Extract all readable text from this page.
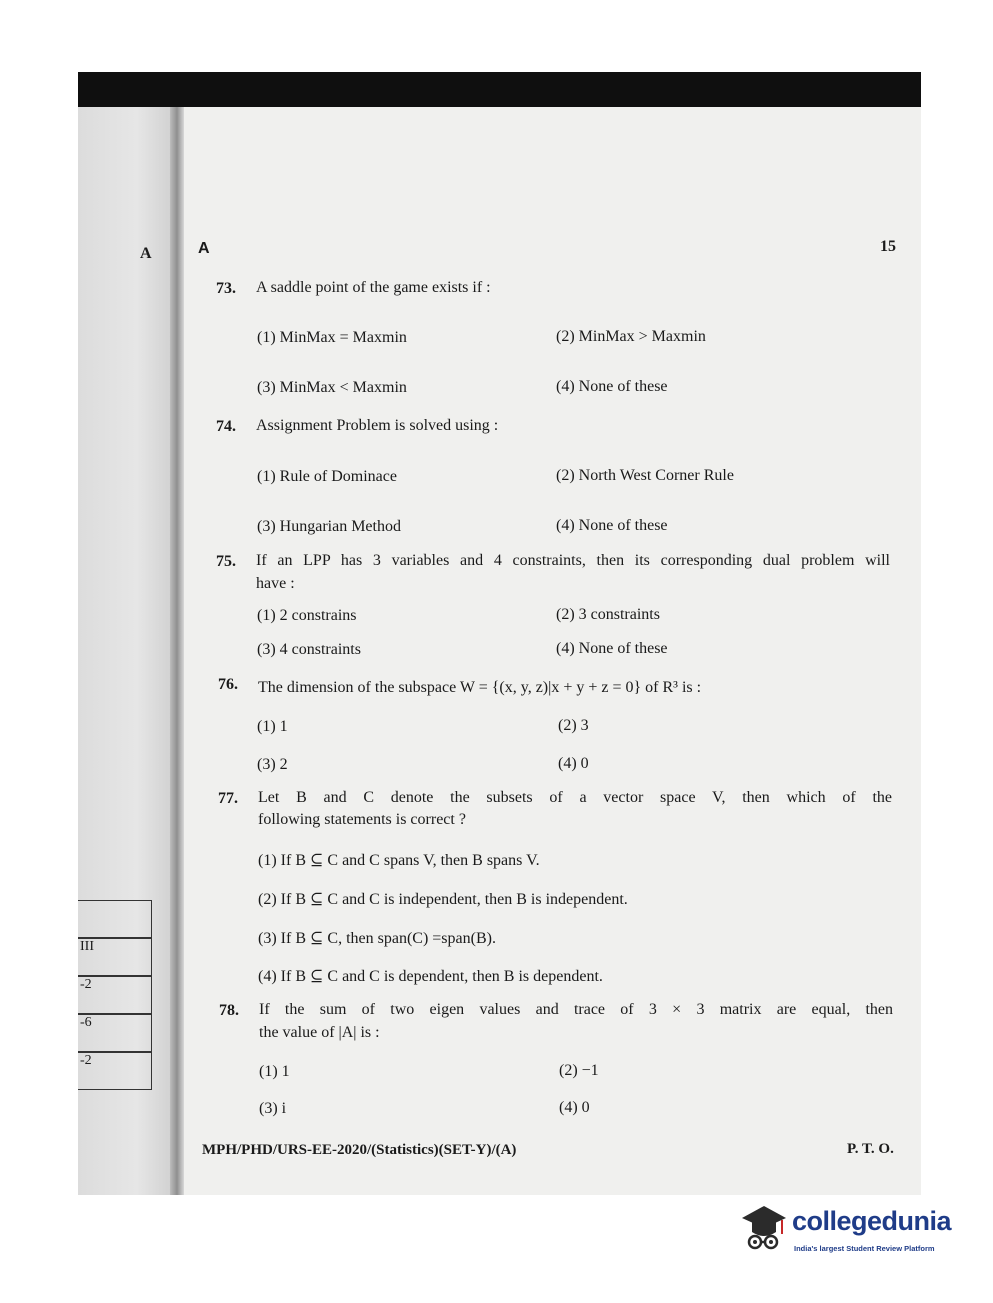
A	A	15
III
-2
-6
-2
73. A saddle point of the game exists if :
(1) MinMax = Maxmin	(2) MinMax > Maxmin
(3) MinMax < Maxmin	(4) None of these
74. Assignment Problem is solved using :
(1) Rule of Dominace	(2) North West Corner Rule
(3) Hungarian Method	(4) None of these
75. If an LPP has 3 variables and 4 constraints, then its corresponding dual problem will
have :
(1) 2 constrains	(2) 3 constraints
(3) 4 constraints	(4) None of these
76. The dimension of the subspace W = {(x, y, z)|x + y + z = 0} of R³ is :
(1) 1	(2) 3
(3) 2	(4) 0
77. Let B and C denote the subsets of a vector space V, then which of the
following statements is correct ?
(1) If B ⊆ C and C spans V, then B spans V.
(2) If B ⊆ C and C is independent, then B is independent.
(3) If B ⊆ C, then span(C) =span(B).
(4) If B ⊆ C and C is dependent, then B is dependent.
78. If the sum of two eigen values and trace of 3 × 3 matrix are equal, then
the value of |A| is :
(1) 1	(2) −1
(3) i	(4) 0
MPH/PHD/URS-EE-2020/(Statistics)(SET-Y)/(A)	P. T. O.
collegedunia
India's largest Student Review Platform
